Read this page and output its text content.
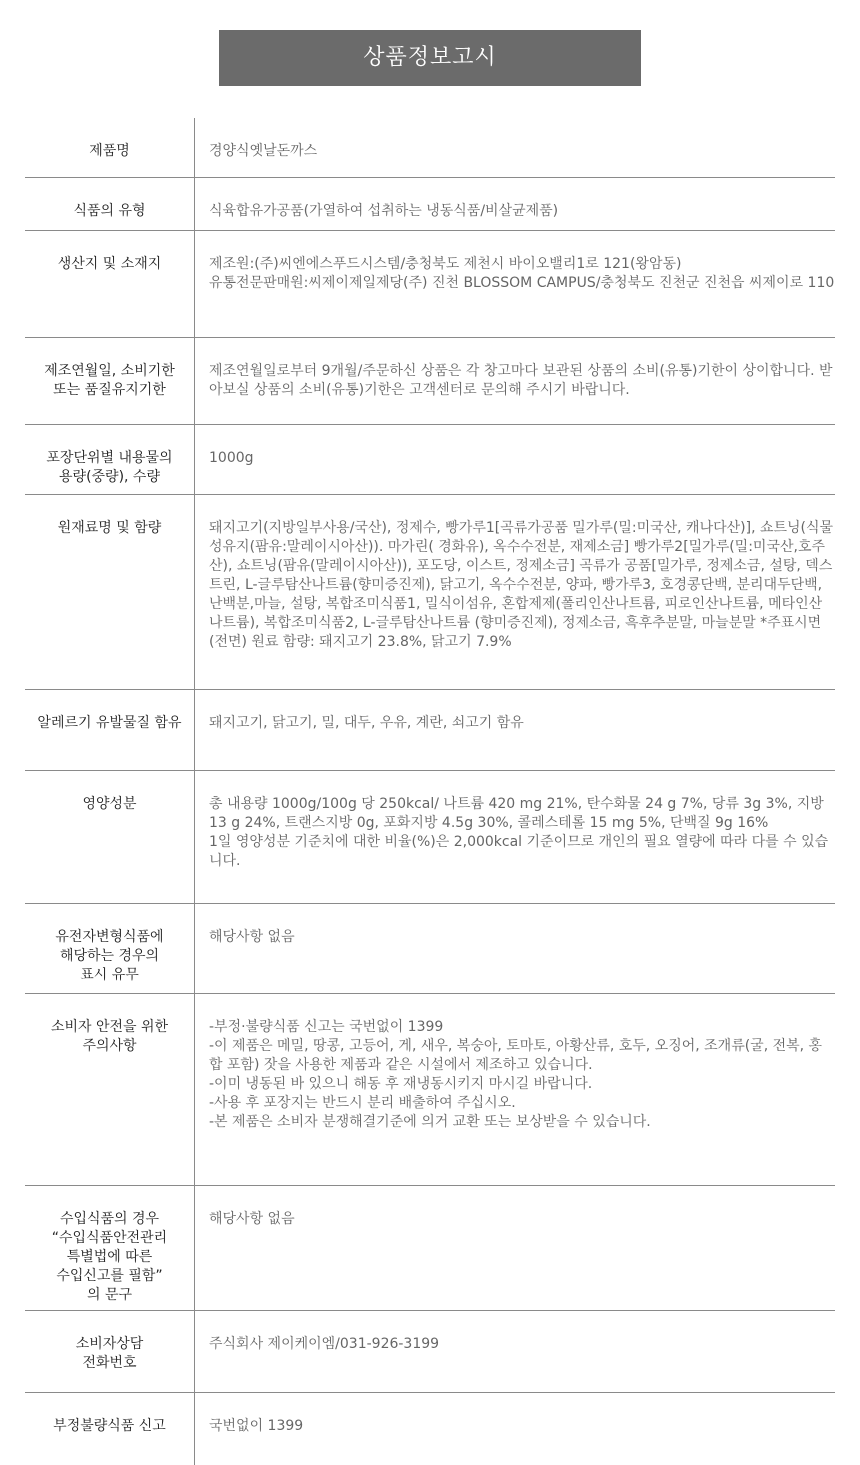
상품정보고시
제품명	경양식옛날돈까스
식품의 유형	식육합유가공품(가열하여 섭취하는 냉동식품/비살균제품)
생산지 및 소재지	제조원:(주)씨엔에스푸드시스템/충청북도 제천시 바이오밸리1로 121(왕암동)
유통전문판매원:씨제이제일제당(주) 진천 BLOSSOM CAMPUS/충청북도 진천군 진천읍 씨제이로 110
제조연월일, 소비기한
또는 품질유지기한	제조연월일로부터 9개월/주문하신 상품은 각 창고마다 보관된 상품의 소비(유통)기한이 상이합니다. 받아보실 상품의 소비(유통)기한은 고객센터로 문의해 주시기 바랍니다.
포장단위별 내용물의
용량(중량), 수량	1000g
원재료명 및 함량	돼지고기(지방일부사용/국산), 정제수, 빵가루1[곡류가공품 밀가루(밀:미국산, 캐나다산)], 쇼트닝(식물성유지(팜유:말레이시아산)). 마가린( 경화유), 옥수수전분, 재제소금] 빵가루2[밀가루(밀:미국산,호주산), 쇼트닝(팜유(말레이시아산)), 포도당, 이스트, 정제소금] 곡류가 공품[밀가루, 정제소금, 설탕, 덱스트린, L-글루탐산나트륨(향미증진제), 닭고기, 옥수수전분, 양파, 빵가루3, 호경콩단백, 분리대두단백, 난백분,마늘, 설탕, 복합조미식품1, 밀식이섬유, 혼합제제(폴리인산나트륨, 피로인산나트륨, 메타인산나트륨), 복합조미식품2, L-글루탐산나트륨 (향미증진제), 정제소금, 흑후추분말, 마늘분말 *주표시면(전면) 원료 함량: 돼지고기 23.8%, 닭고기 7.9%
알레르기 유발물질 함유	돼지고기, 닭고기, 밀, 대두, 우유, 계란, 쇠고기 함유
영양성분	총 내용량 1000g/100g 당 250kcal/ 나트륨 420 mg 21%, 탄수화물 24 g 7%, 당류 3g 3%, 지방 13 g 24%, 트랜스지방 0g, 포화지방 4.5g 30%, 콜레스테롤 15 mg 5%, 단백질 9g 16%
1일 영양성분 기준치에 대한 비율(%)은 2,000kcal 기준이므로 개인의 필요 열량에 따라 다를 수 있습니다.
유전자변형식품에
해당하는 경우의
표시 유무	해당사항 없음
소비자 안전을 위한
주의사항	-부정·불량식품 신고는 국번없이 1399
-이 제품은 메밀, 땅콩, 고등어, 게, 새우, 복숭아, 토마토, 아황산류, 호두, 오징어, 조개류(굴, 전복, 홍합 포함) 잣을 사용한 제품과 같은 시설에서 제조하고 있습니다.
-이미 냉동된 바 있으니 해동 후 재냉동시키지 마시길 바랍니다.
-사용 후 포장지는 반드시 분리 배출하여 주십시오.
-본 제품은 소비자 분쟁해결기준에 의거 교환 또는 보상받을 수 있습니다.
수입식품의 경우
“수입식품안전관리
특별법에 따른
수입신고를 필함”
의 문구	해당사항 없음
소비자상담
전화번호	주식회사 제이케이엠/031-926-3199
부정불량식품 신고	국번없이 1399
